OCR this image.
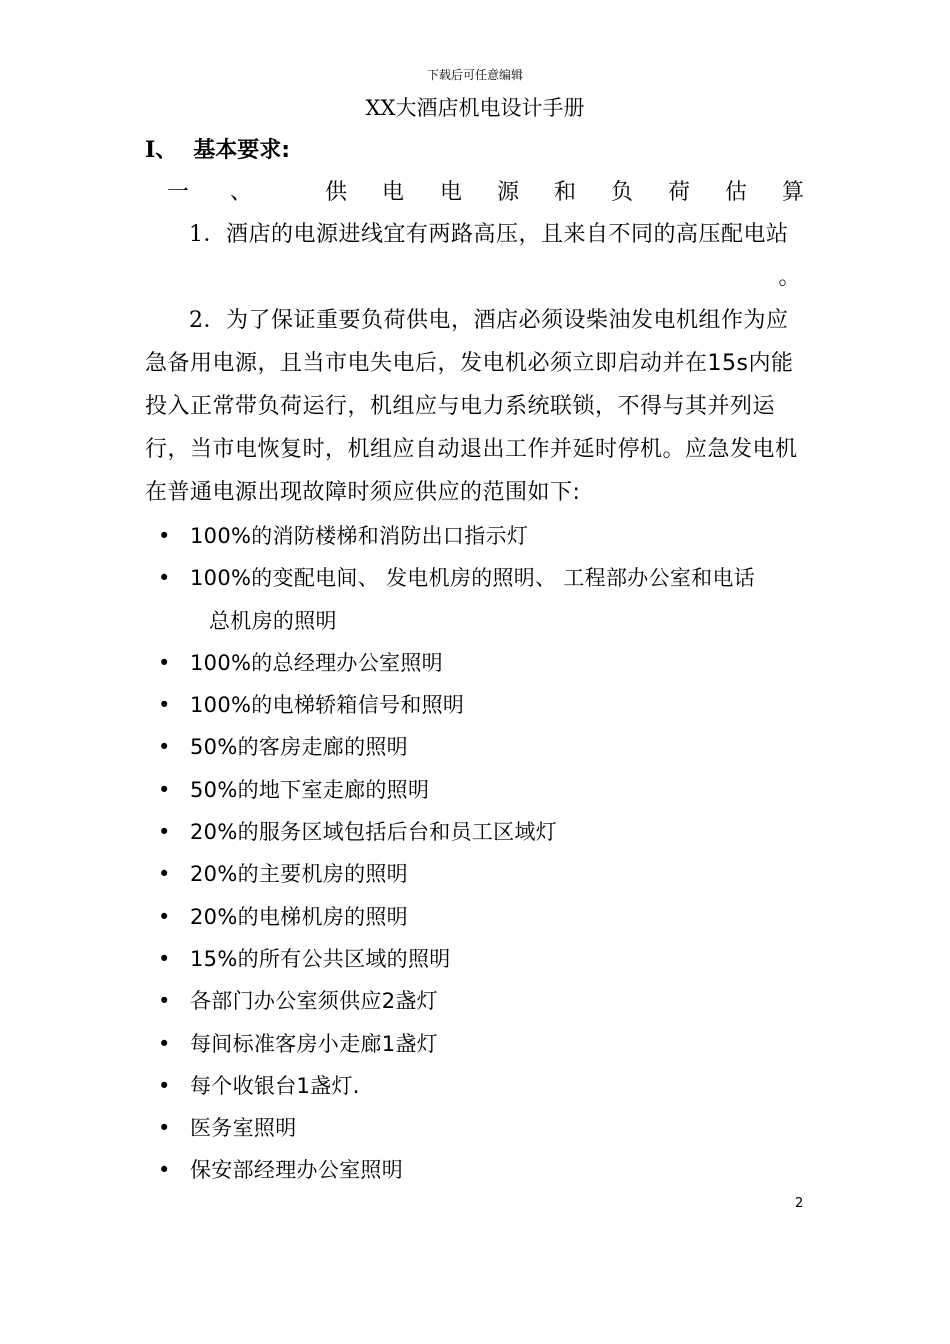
下载后可任意编辑
XX大酒店机电设计手册
I、 基本要求:
一 、	供 电 电 源 和 负 荷 估 算
1．酒店的电源进线宜有两路高压，且来自不同的高压配电站
。
2．为了保证重要负荷供电，酒店必须设柴油发电机组作为应急备用电源，且当市电失电后，发电机必须立即启动并在15s内能投入正常带负荷运行，机组应与电力系统联锁，不得与其并列运行，当市电恢复时，机组应自动退出工作并延时停机。应急发电机在普通电源出现故障时须应供应的范围如下:
• 100%的消防楼梯和消防出口指示灯
• 100%的变配电间、 发电机房的照明、 工程部办公室和电话
总机房的照明
• 100%的总经理办公室照明
• 100%的电梯轿箱信号和照明
• 50%的客房走廊的照明
• 50%的地下室走廊的照明
• 20%的服务区域包括后台和员工区域灯
• 20%的主要机房的照明
• 20%的电梯机房的照明
• 15%的所有公共区域的照明
• 各部门办公室须供应2盏灯
• 每间标准客房小走廊1盏灯
• 每个收银台1盏灯.
• 医务室照明
• 保安部经理办公室照明
2
